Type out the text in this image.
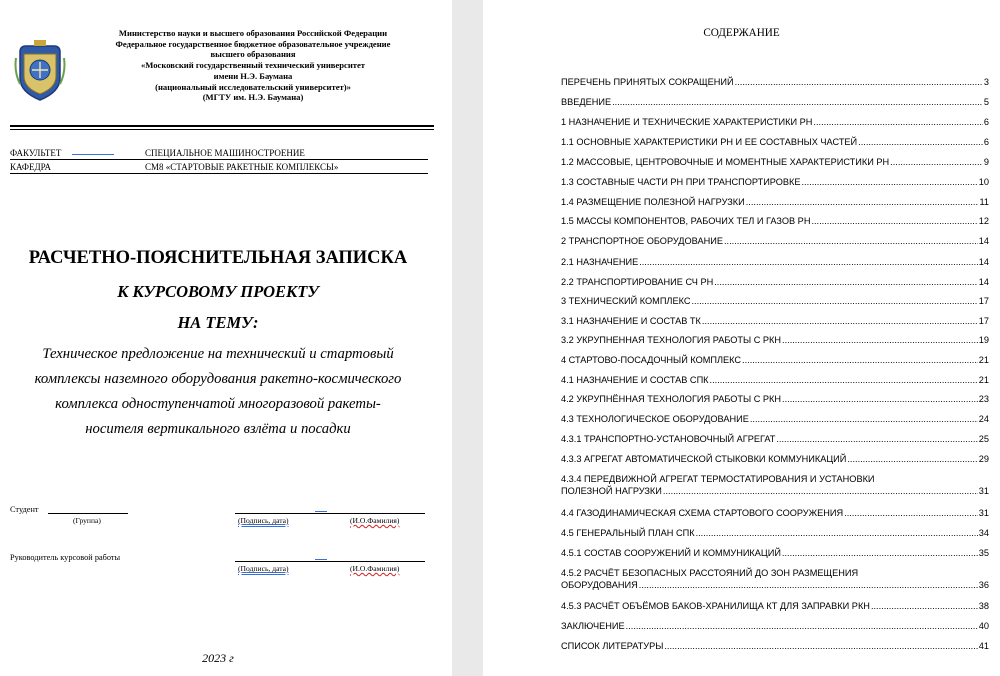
Министерство науки и высшего образования Российской Федерации
Федеральное государственное бюджетное образовательное учреждение
высшего образования
«Московский государственный технический университет
имени Н.Э. Баумана
(национальный исследовательский университет)»
(МГТУ им. Н.Э. Баумана)
ФАКУЛЬТЕТ	СПЕЦИАЛЬНОЕ МАШИНОСТРОЕНИЕ
КАФЕДРА	СМ8 «СТАРТОВЫЕ РАКЕТНЫЕ КОМПЛЕКСЫ»
РАСЧЕТНО-ПОЯСНИТЕЛЬНАЯ ЗАПИСКА
К КУРСОВОМУ ПРОЕКТУ
НА ТЕМУ:
Техническое предложение на технический и стартовый
комплексы наземного оборудования ракетно-космического
комплекса одноступенчатой многоразовой ракеты-
носителя вертикального взлёта и посадки
Студент
(Группа)	(Подпись, дата)	(И.О.Фамилия)
Руководитель курсовой работы
(Подпись, дата)	(И.О.Фамилия)
2023 г
СОДЕРЖАНИЕ
ПЕРЕЧЕНЬ ПРИНЯТЫХ СОКРАЩЕНИЙ .....	3
ВВЕДЕНИЕ .....	5
1 НАЗНАЧЕНИЕ И ТЕХНИЧЕСКИЕ ХАРАКТЕРИСТИКИ РН .....	6
1.1 ОСНОВНЫЕ ХАРАКТЕРИСТИКИ РН И ЕЕ СОСТАВНЫХ ЧАСТЕЙ .....	6
1.2 МАССОВЫЕ, ЦЕНТРОВОЧНЫЕ И МОМЕНТНЫЕ ХАРАКТЕРИСТИКИ РН .....	9
1.3 СОСТАВНЫЕ ЧАСТИ РН ПРИ ТРАНСПОРТИРОВКЕ .....	10
1.4 РАЗМЕЩЕНИЕ ПОЛЕЗНОЙ НАГРУЗКИ .....	11
1.5 МАССЫ КОМПОНЕНТОВ, РАБОЧИХ ТЕЛ И ГАЗОВ РН .....	12
2 ТРАНСПОРТНОЕ ОБОРУДОВАНИЕ .....	14
2.1 НАЗНАЧЕНИЕ .....	14
2.2 ТРАНСПОРТИРОВАНИЕ СЧ РН .....	14
3 ТЕХНИЧЕСКИЙ КОМПЛЕКС .....	17
3.1 НАЗНАЧЕНИЕ И СОСТАВ ТК .....	17
3.2 УКРУПНЕННАЯ ТЕХНОЛОГИЯ РАБОТЫ С РКН .....	19
4 СТАРТОВО-ПОСАДОЧНЫЙ КОМПЛЕКС .....	21
4.1 НАЗНАЧЕНИЕ И СОСТАВ СПК .....	21
4.2 УКРУПНЁННАЯ ТЕХНОЛОГИЯ РАБОТЫ С РКН .....	23
4.3 ТЕХНОЛОГИЧЕСКОЕ ОБОРУДОВАНИЕ .....	24
4.3.1 ТРАНСПОРТНО-УСТАНОВОЧНЫЙ АГРЕГАТ .....	25
4.3.3 АГРЕГАТ АВТОМАТИЧЕСКОЙ СТЫКОВКИ КОММУНИКАЦИЙ .....	29
4.3.4 ПЕРЕДВИЖНОЙ АГРЕГАТ ТЕРМОСТАТИРОВАНИЯ И УСТАНОВКИ
ПОЛЕЗНОЙ НАГРУЗКИ .....	31
4.4 ГАЗОДИНАМИЧЕСКАЯ СХЕМА СТАРТОВОГО СООРУЖЕНИЯ .....	31
4.5 ГЕНЕРАЛЬНЫЙ ПЛАН СПК .....	34
4.5.1 СОСТАВ СООРУЖЕНИЙ И КОММУНИКАЦИЙ .....	35
4.5.2 РАСЧЁТ БЕЗОПАСНЫХ РАССТОЯНИЙ ДО ЗОН РАЗМЕЩЕНИЯ
ОБОРУДОВАНИЯ .....	36
4.5.3 РАСЧЁТ ОБЪЁМОВ БАКОВ-ХРАНИЛИЩА КТ ДЛЯ ЗАПРАВКИ РКН .....	38
ЗАКЛЮЧЕНИЕ .....	40
СПИСОК ЛИТЕРАТУРЫ .....	41
